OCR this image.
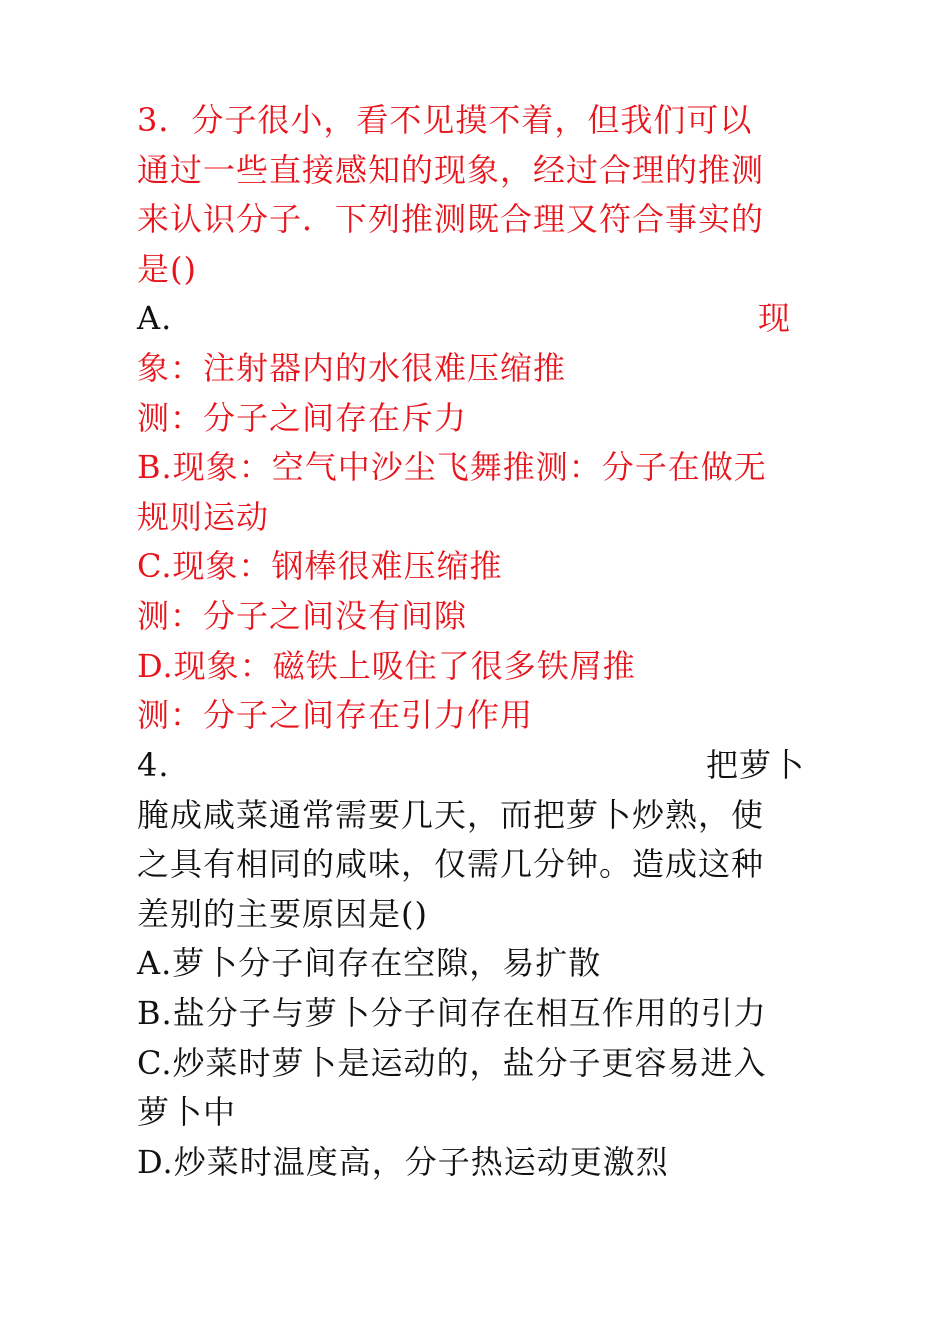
3．分子很小，看不见摸不着，但我们可以
通过一些直接感知的现象，经过合理的推测
来认识分子．下列推测既合理又符合事实的
是()
A.	现
象：注射器内的水很难压缩推
测：分子之间存在斥力
B.现象：空气中沙尘飞舞推测：分子在做无
规则运动
C.现象：钢棒很难压缩推
测：分子之间没有间隙
D.现象：磁铁上吸住了很多铁屑推
测：分子之间存在引力作用
4.	把萝卜
腌成咸菜通常需要几天，而把萝卜炒熟，使
之具有相同的咸味，仅需几分钟。造成这种
差别的主要原因是()
A.萝卜分子间存在空隙，易扩散
B.盐分子与萝卜分子间存在相互作用的引力
C.炒菜时萝卜是运动的，盐分子更容易进入
萝卜中
D.炒菜时温度高，分子热运动更激烈
